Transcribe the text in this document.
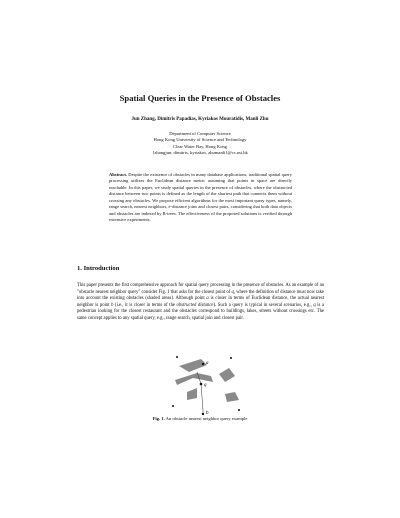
Spatial Queries in the Presence of Obstacles
Jun Zhang, Dimitris Papadias, Kyriakos Mouratidis, Manli Zhu
Department of Computer Science
Hong Kong University of Science and Technology
Clear Water Bay, Hong Kong
{zhangjun, dimitris, kyriakos, zhumanli}@cs.ust.hk
Abstract. Despite the existence of obstacles in many database applications, traditional spatial query processing utilizes the Euclidean distance metric assuming that points in space are directly reachable. In this paper, we study spatial queries in the presence of obstacles, where the obstructed distance between two points is defined as the length of the shortest path that connects them without crossing any obstacles. We propose efficient algorithms for the most important query types, namely, range search, nearest neighbors, e-distance joins and closest pairs, considering that both data objects and obstacles are indexed by R-trees. The effectiveness of the proposed solutions is verified through extensive experiments.
1. Introduction
This paper presents the first comprehensive approach for spatial query processing in the presence of obstacles. As an example of an "obstacle nearest neighbor query" consider Fig. 1 that asks for the closest point of q, where the definition of distance must now take into account the existing obstacles (shaded areas). Although point a is closer in terms of Euclidean distance, the actual nearest neighbor is point b (i.e., it is closer in terms of the obstructed distance). Such a query is typical in several scenarios, e.g., q is a pedestrian looking for the closest restaurant and the obstacles correspond to buildings, lakes, streets without crossings etc. The same concept applies to any spatial query, e.g., range search, spatial join and closest pair.
a
q
b
Fig. 1. An obstacle nearest neighbor query example
